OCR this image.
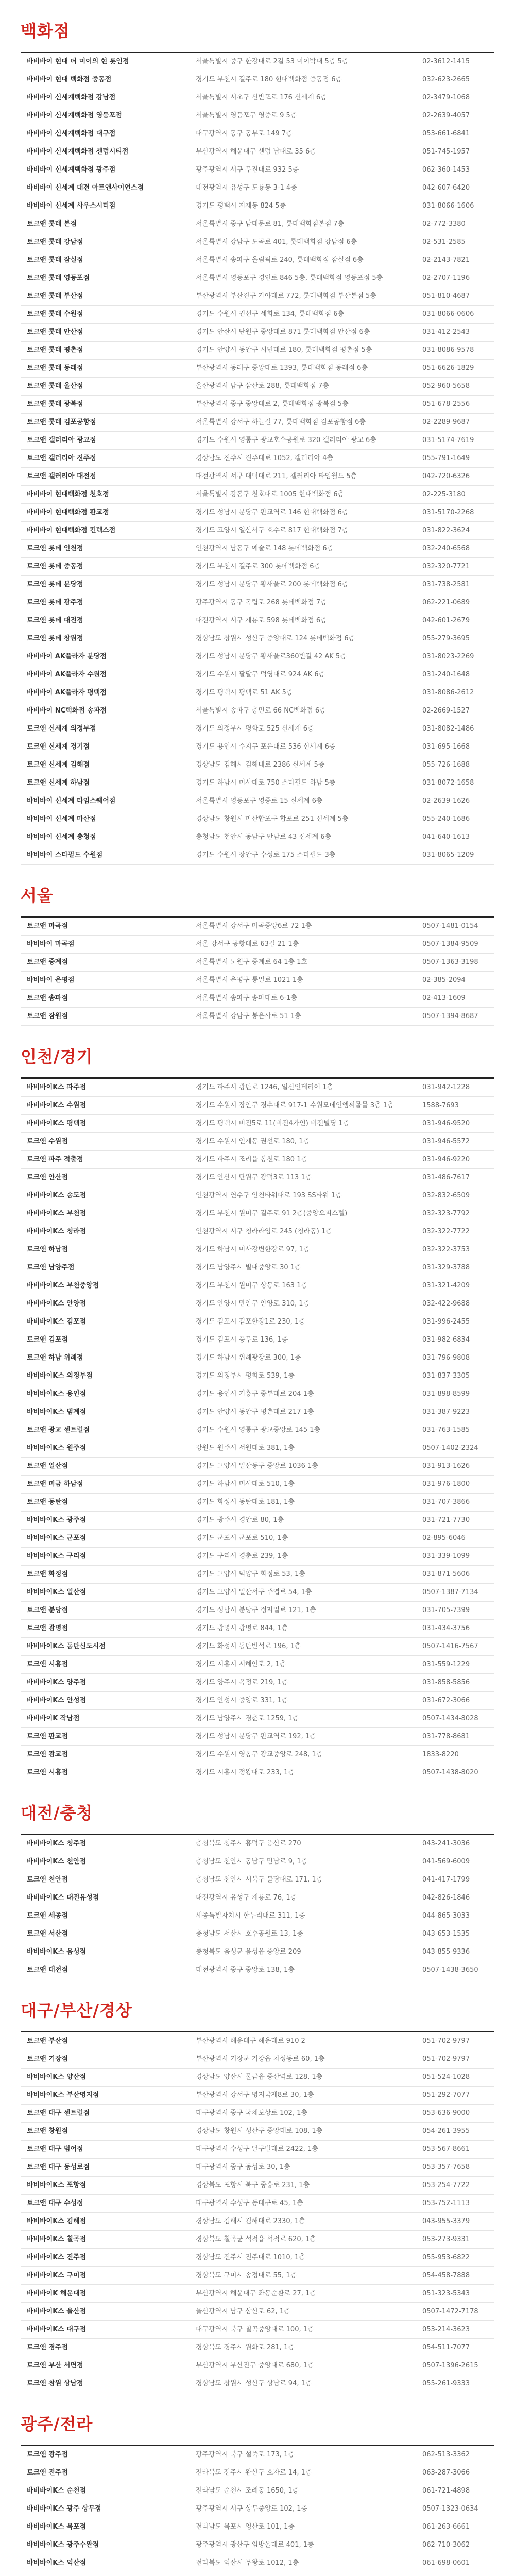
백화점
바비바이 현대 더 미이의 현 롯인점	서울특별시 중구 한강대로 2길 53 미이박대 5층 5층	02-3612-1415
바비바이 현대 백화점 중동점	경기도 부천시 길주로 180 현대백화점 중동점 6층	032-623-2665
바비바이 신세계백화점 강남점	서울특별시 서초구 신반포로 176 신세계 6층	02-3479-1068
바비바이 신세계백화점 영등포점	서울특별시 영등포구 영중로 9 5층	02-2639-4057
바비바이 신세계백화점 대구점	대구광역시 동구 동부로 149 7층	053-661-6841
바비바이 신세계백화점 센텀시티점	부산광역시 해운대구 센텀 남대로 35 6층	051-745-1957
바비바이 신세계백화점 광주점	광주광역시 서구 무진대로 932 5층	062-360-1453
바비바이 신세계 대전 아트앤사이언스점	대전광역시 유성구 도룡동 3-1 4층	042-607-6420
바비바이 신세계 사우스시티점	경기도 평택시 지제동 824 5층	031-8066-1606
토크앤 롯데 본점	서울특별시 중구 남대문로 81, 롯데백화점본점 7층	02-772-3380
토크앤 롯데 강남점	서울특별시 강남구 도곡로 401, 롯데백화점 강남점 6층	02-531-2585
토크앤 롯데 잠실점	서울특별시 송파구 올림픽로 240, 롯데백화점 잠실점 6층	02-2143-7821
토크앤 롯데 영등포점	서울특별시 영등포구 경인로 846 5층, 롯데백화점 영등포점 5층	02-2707-1196
토크앤 롯데 부산점	부산광역시 부산진구 가야대로 772, 롯데백화점 부산본점 5층	051-810-4687
토크앤 롯데 수원점	경기도 수원시 권선구 세화로 134, 롯데백화점 6층	031-8066-0606
토크앤 롯데 안산점	경기도 안산시 단원구 중앙대로 871 롯데백화점 안산점 6층	031-412-2543
토크앤 롯데 평촌점	경기도 안양시 동안구 시민대로 180, 롯데백화점 평촌점 5층	031-8086-9578
토크앤 롯데 동래점	부산광역시 동래구 중앙대로 1393, 롯데백화점 동래점 6층	051-6626-1829
토크앤 롯데 울산점	울산광역시 남구 삼산로 288, 롯데백화점 7층	052-960-5658
토크앤 롯데 광복점	부산광역시 중구 중앙대로 2, 롯데백화점 광복점 5층	051-678-2556
토크앤 롯데 김포공항점	서울특별시 강서구 하늘길 77, 롯데백화점 김포공항점 6층	02-2289-9687
토크앤 갤러리아 광교점	경기도 수원시 영통구 광교호수공원로 320 갤러리아 광교 6층	031-5174-7619
토크앤 갤러리아 진주점	경상남도 진주시 진주대로 1052, 갤러리아 4층	055-791-1649
토크앤 갤러리아 대전점	대전광역시 서구 대덕대로 211, 갤러리아 타임월드 5층	042-720-6326
바비바이 현대백화점 천호점	서울특별시 강동구 천호대로 1005 현대백화점 6층	02-225-3180
바비바이 현대백화점 판교점	경기도 성남시 분당구 판교역로 146 현대백화점 6층	031-5170-2268
바비바이 현대백화점 킨텍스점	경기도 고양시 일산서구 호수로 817 현대백화점 7층	031-822-3624
토크앤 롯데 인천점	인천광역시 남동구 예술로 148 롯데백화점 6층	032-240-6568
토크앤 롯데 중동점	경기도 부천시 길주로 300 롯데백화점 6층	032-320-7721
토크앤 롯데 분당점	경기도 성남시 분당구 황새울로 200 롯데백화점 6층	031-738-2581
토크앤 롯데 광주점	광주광역시 동구 독립로 268 롯데백화점 7층	062-221-0689
토크앤 롯데 대전점	대전광역시 서구 계룡로 598 롯데백화점 6층	042-601-2679
토크앤 롯데 창원점	경상남도 창원시 성산구 중앙대로 124 롯데백화점 6층	055-279-3695
바비바이 AK플라자 분당점	경기도 성남시 분당구 황새울로360번길 42 AK 5층	031-8023-2269
바비바이 AK플라자 수원점	경기도 수원시 팔달구 덕영대로 924 AK 6층	031-240-1648
바비바이 AK플라자 평택점	경기도 평택시 평택로 51 AK 5층	031-8086-2612
바비바이 NC백화점 송파점	서울특별시 송파구 충민로 66 NC백화점 6층	02-2669-1527
토크앤 신세계 의정부점	경기도 의정부시 평화로 525 신세계 6층	031-8082-1486
토크앤 신세계 경기점	경기도 용인시 수지구 포은대로 536 신세계 6층	031-695-1668
토크앤 신세계 김해점	경상남도 김해시 김해대로 2386 신세계 5층	055-726-1688
토크앤 신세계 하남점	경기도 하남시 미사대로 750 스타필드 하남 5층	031-8072-1658
바비바이 신세계 타임스퀘어점	서울특별시 영등포구 영중로 15 신세계 6층	02-2639-1626
바비바이 신세계 마산점	경상남도 창원시 마산합포구 합포로 251 신세계 5층	055-240-1686
바비바이 신세계 충청점	충청남도 천안시 동남구 만남로 43 신세계 6층	041-640-1613
바비바이 스타필드 수원점	경기도 수원시 장안구 수성로 175 스타필드 3층	031-8065-1209
서울
토크앤 마곡점	서울특별시 강서구 마곡중앙6로 72 1층	0507-1481-0154
바비바이 마곡점	서울 강서구 공항대로 63길 21 1층	0507-1384-9509
토크앤 중계점	서울특별시 노원구 중계로 64 1층 1호	0507-1363-3198
바비바이 은평점	서울특별시 은평구 통일로 1021 1층	02-385-2094
토크앤 송파점	서울특별시 송파구 송파대로 6-1층	02-413-1609
토크앤 잠원점	서울특별시 강남구 봉은사로 51 1층	0507-1394-8687
인천/경기
바비바이K스 파주점	경기도 파주시 광탄로 1246, 일산인테리어 1층	031-942-1228
바비바이K스 수원점	경기도 수원시 장안구 경수대로 917-1 수원모데인엠씨몰몰 3층 1층	1588-7693
바비바이K스 평택점	경기도 평택시 비전5로 11(비전4가인) 비전빌딩 1층	031-946-9520
토크앤 수원점	경기도 수원시 인계동 권선로 180, 1층	031-946-5572
토크앤 파주 적출점	경기도 파주시 조리읍 봉천로 180 1층	031-946-9220
토크앤 안산점	경기도 안산시 단원구 광덕3로 113 1층	031-486-7617
바비바이K스 송도점	인천광역시 연수구 인천타워대로 193 SS타워 1층	032-832-6509
바비바이K스 부천점	경기도 부천시 원미구 길주로 91 2층(중앙오피스텔)	032-323-7792
바비바이K스 청라점	인천광역시 서구 청라라임로 245 (청라동) 1층	032-322-7722
토크앤 하남점	경기도 하남시 미사강변한강로 97, 1층	032-322-3753
토크앤 남양주점	경기도 남양주시 별내중앙로 30 1층	031-329-3788
바비바이K스 부천중앙점	경기도 부천시 원미구 상동로 163 1층	031-321-4209
바비바이K스 안양점	경기도 안양시 만안구 안양로 310, 1층	032-422-9688
바비바이K스 김포점	경기도 김포시 김포한강1로 230, 1층	031-996-2455
토크앤 김포점	경기도 김포시 풍무로 136, 1층	031-982-6834
토크앤 하남 위례점	경기도 하남시 위례광장로 300, 1층	031-796-9808
바비바이K스 의정부점	경기도 의정부시 평화로 539, 1층	031-837-3305
바비바이K스 용인점	경기도 용인시 기흥구 중부대로 204 1층	031-898-8599
바비바이K스 범계점	경기도 안양시 동안구 평촌대로 217 1층	031-387-9223
토크앤 광교 센트럴점	경기도 수원시 영통구 광교중앙로 145 1층	031-763-1585
바비바이K스 원주점	강원도 원주시 서원대로 381, 1층	0507-1402-2324
토크앤 일산점	경기도 고양시 일산동구 중앙로 1036 1층	031-913-1626
토크앤 미금 하남점	경기도 하남시 미사대로 510, 1층	031-976-1800
토크앤 동탄점	경기도 화성시 동탄대로 181, 1층	031-707-3866
바비바이K스 광주점	경기도 광주시 경안로 80, 1층	031-721-7730
바비바이K스 군포점	경기도 군포시 군포로 510, 1층	02-895-6046
바비바이K스 구리점	경기도 구리시 경춘로 239, 1층	031-339-1099
토크앤 화정점	경기도 고양시 덕양구 화정로 53, 1층	031-871-5606
바비바이K스 일산점	경기도 고양시 일산서구 주엽로 54, 1층	0507-1387-7134
토크앤 분당점	경기도 성남시 분당구 정자일로 121, 1층	031-705-7399
토크앤 광명점	경기도 광명시 광명로 844, 1층	031-434-3756
바비바이K스 동탄신도시점	경기도 화성시 동탄반석로 196, 1층	0507-1416-7567
토크앤 시흥점	경기도 시흥시 서해안로 2, 1층	031-559-1229
바비바이K스 양주점	경기도 양주시 옥정로 219, 1층	031-858-5856
바비바이K스 안성점	경기도 안성시 중앙로 331, 1층	031-672-3066
바비바이K 작남점	경기도 남양주시 경춘로 1259, 1층	0507-1434-8028
토크앤 판교점	경기도 성남시 분당구 판교역로 192, 1층	031-778-8681
토크앤 광교점	경기도 수원시 영통구 광교중앙로 248, 1층	1833-8220
토크앤 시흥점	경기도 시흥시 정왕대로 233, 1층	0507-1438-8020
대전/충청
바비바이K스 청주점	충청북도 청주시 흥덕구 풍산로 270	043-241-3036
바비바이K스 천안점	충청남도 천안시 동남구 만남로 9, 1층	041-569-6009
토크앤 천안점	충청남도 천안시 서북구 불당대로 171, 1층	041-417-1799
바비바이K스 대전유성점	대전광역시 유성구 계룡로 76, 1층	042-826-1846
토크앤 세종점	세종특별자치시 한누리대로 311, 1층	044-865-3033
토크앤 서산점	충청남도 서산시 호수공원로 13, 1층	043-653-1535
바비바이K스 음성점	충청북도 음성군 음성읍 중앙로 209	043-855-9336
토크앤 대전점	대전광역시 중구 중앙로 138, 1층	0507-1438-3650
대구/부산/경상
토크앤 부산점	부산광역시 해운대구 해운대로 910 2	051-702-9797
토크앤 기장점	부산광역시 기장군 기장읍 차성동로 60, 1층	051-702-9797
바비바이K스 양산점	경상남도 양산시 물금읍 증산역로 128, 1층	051-524-1028
바비바이K스 부산명지점	부산광역시 강서구 명지국제8로 30, 1층	051-292-7077
토크앤 대구 센트럴점	대구광역시 중구 국채보상로 102, 1층	053-636-9000
토크앤 창원점	경상남도 창원시 성산구 중앙대로 108, 1층	054-261-3955
토크앤 대구 범어점	대구광역시 수성구 달구벌대로 2422, 1층	053-567-8661
토크앤 대구 동성로점	대구광역시 중구 동성로 30, 1층	053-357-7658
바비바이K스 포항점	경상북도 포항시 북구 중흥로 231, 1층	053-254-7722
토크앤 대구 수성점	대구광역시 수성구 동대구로 45, 1층	053-752-1113
바비바이K스 김해점	경상남도 김해시 김해대로 2330, 1층	043-955-3379
바비바이K스 칠곡점	경상북도 칠곡군 석적읍 석적로 620, 1층	053-273-9331
바비바이K스 진주점	경상남도 진주시 진주대로 1010, 1층	055-953-6822
바비바이K스 구미점	경상북도 구미시 송정대로 55, 1층	054-458-7888
바비바이K 해운대점	부산광역시 해운대구 좌동순환로 27, 1층	051-323-5343
바비바이K스 울산점	울산광역시 남구 삼산로 62, 1층	0507-1472-7178
바비바이K스 대구점	대구광역시 북구 칠곡중앙대로 100, 1층	053-214-3623
토크앤 경주점	경상북도 경주시 원화로 281, 1층	054-511-7077
토크앤 부산 서면점	부산광역시 부산진구 중앙대로 680, 1층	0507-1396-2615
토크앤 창원 상남점	경상남도 창원시 성산구 상남로 94, 1층	055-261-9333
광주/전라
토크앤 광주점	광주광역시 북구 설죽로 173, 1층	062-513-3362
토크앤 전주점	전라북도 전주시 완산구 효자로 14, 1층	063-287-3066
바비바이K스 순천점	전라남도 순천시 조례동 1650, 1층	061-721-4898
바비바이K스 광주 상무점	광주광역시 서구 상무중앙로 102, 1층	0507-1323-0634
바비바이K스 목포점	전라남도 목포시 영산로 101, 1층	061-263-6661
바비바이K스 광주수완점	광주광역시 광산구 임방울대로 401, 1층	062-710-3062
바비바이K스 익산점	전라북도 익산시 무왕로 1012, 1층	061-698-0601
